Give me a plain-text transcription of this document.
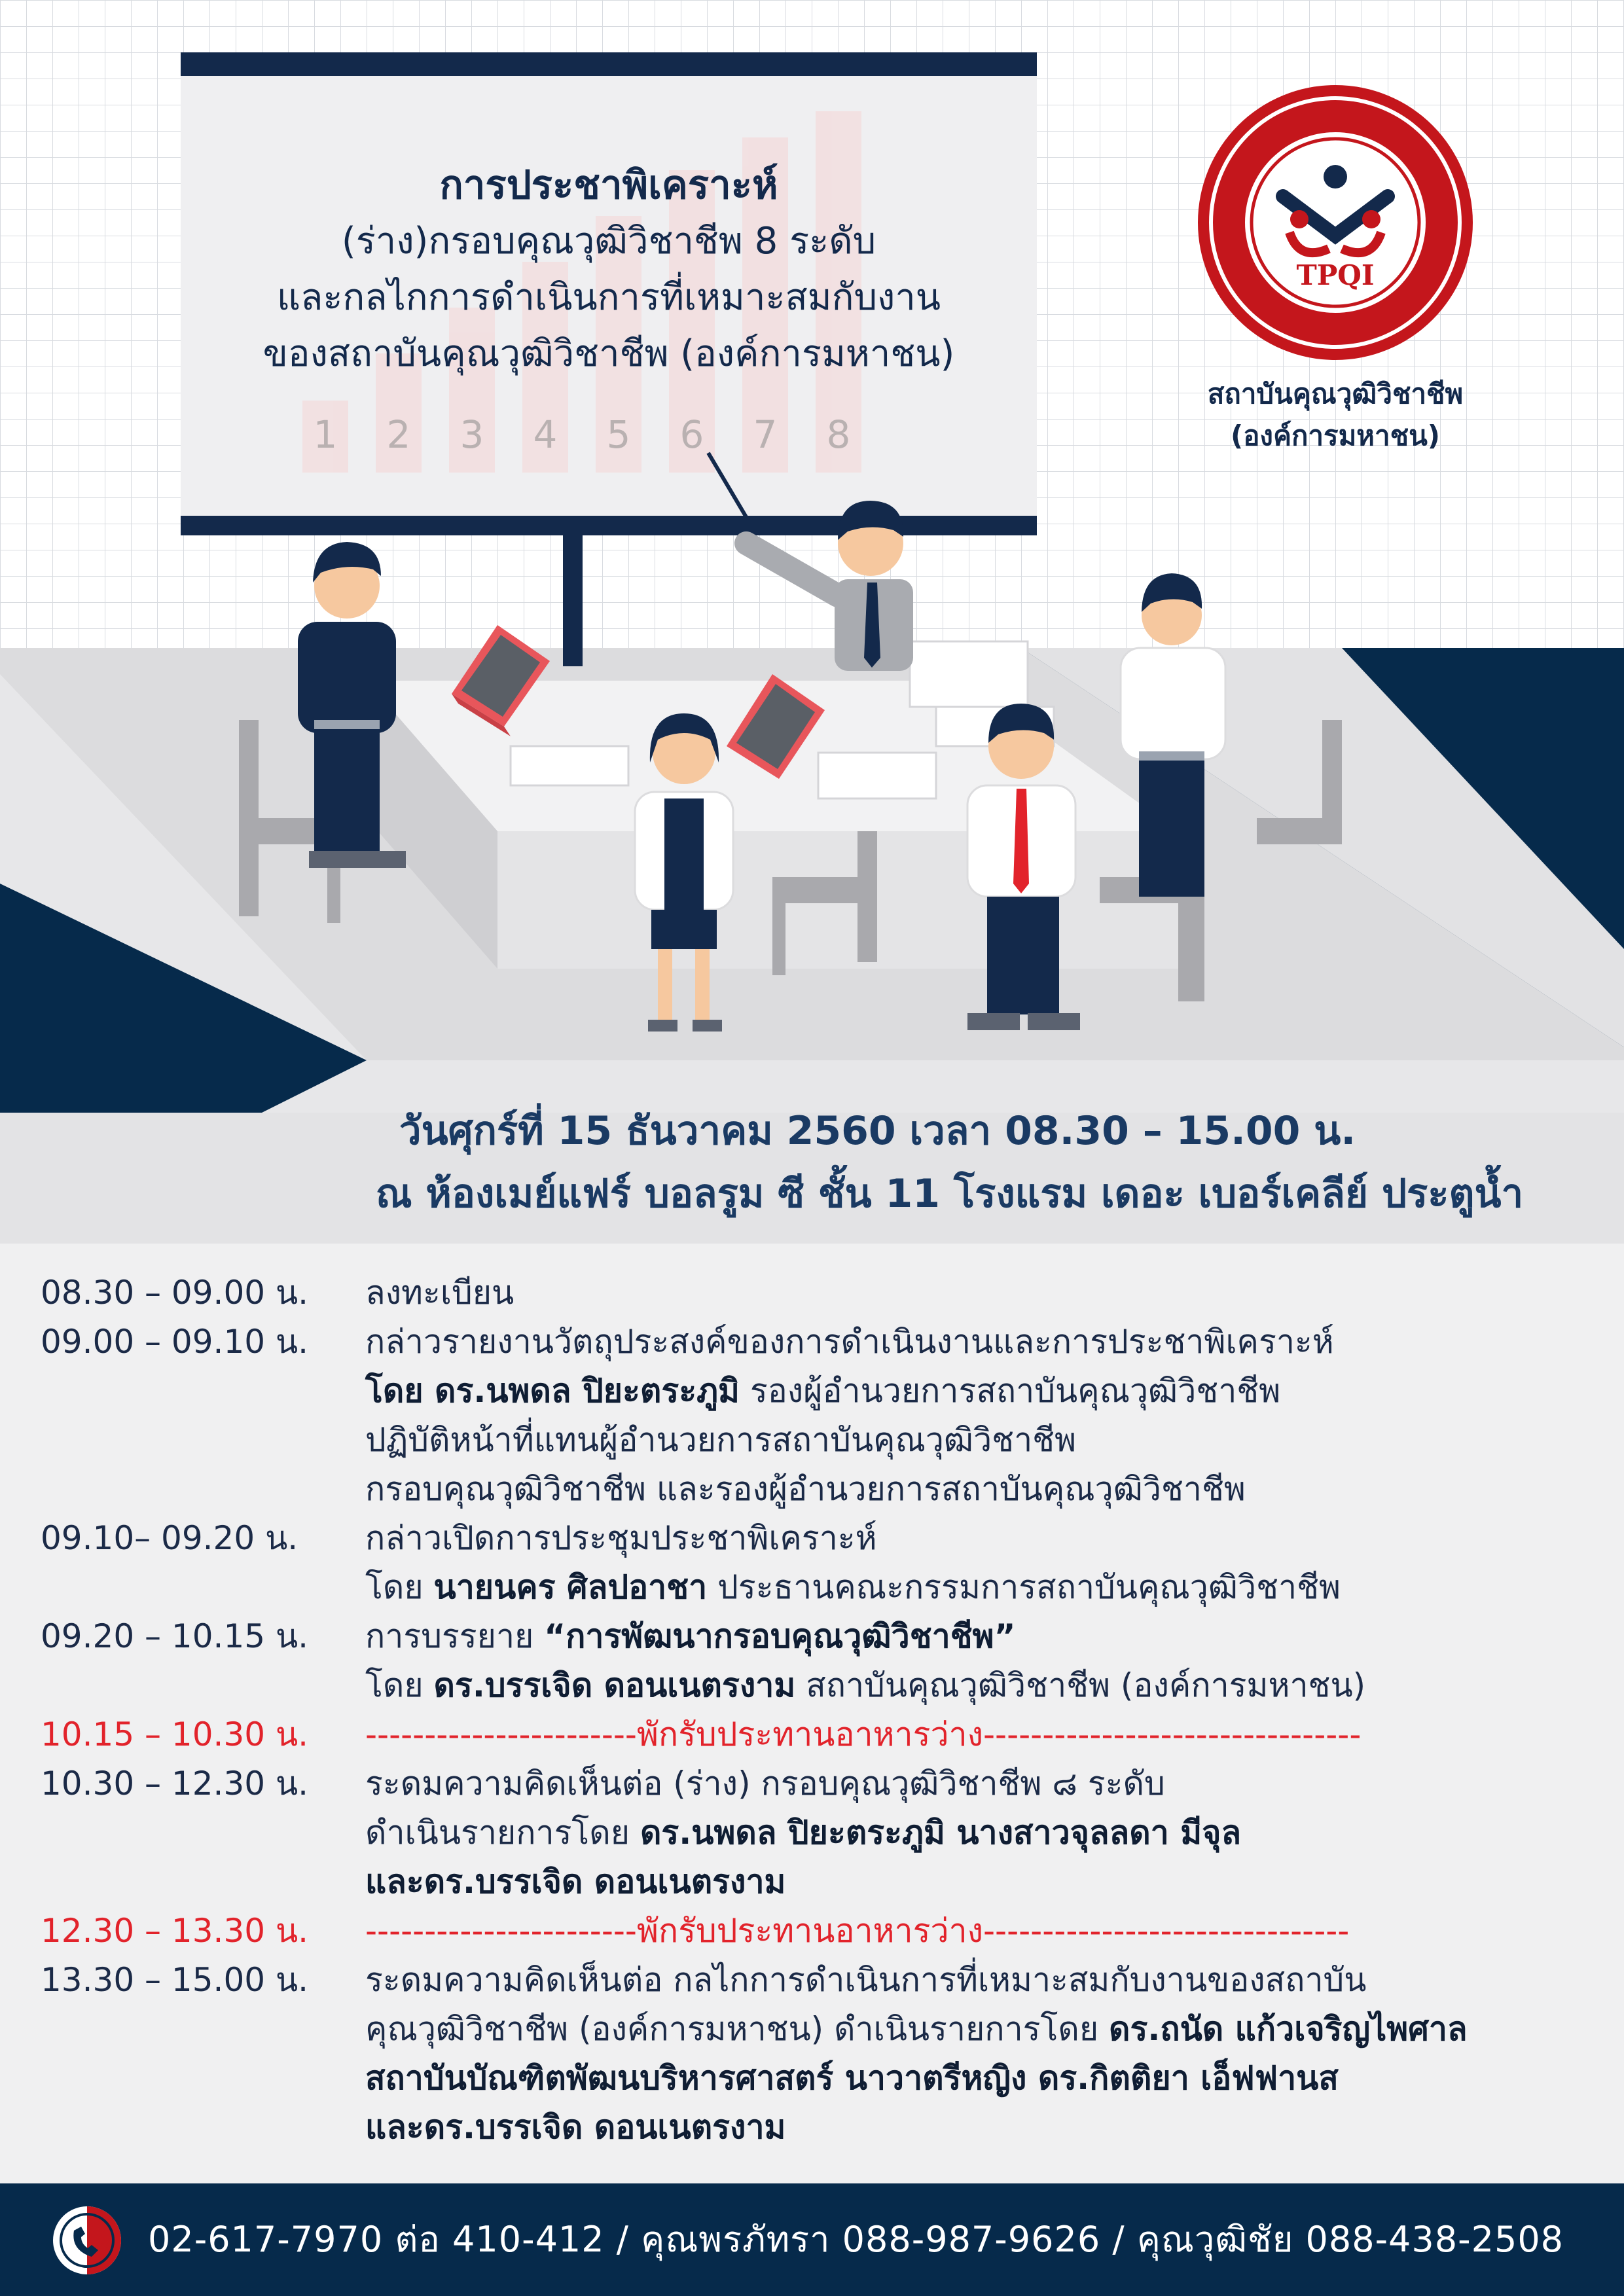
TPQI
สถาบันคุณวุฒิวิชาชีพ
(องค์การมหาชน)
การประชาพิเคราะห์
(ร่าง)กรอบคุณวุฒิวิชาชีพ 8 ระดับ
และกลไกการดำเนินการที่เหมาะสมกับงาน
ของสถาบันคุณวุฒิวิชาชีพ (องค์การมหาชน)
1	2	3	4	5	6	7	8
วันศุกร์ที่ 15 ธันวาคม 2560 เวลา 08.30 – 15.00 น.
ณ ห้องเมย์แฟร์ บอลรูม ซี ชั้น 11 โรงแรม เดอะ เบอร์เคลีย์ ประตูน้ำ
08.30 – 09.00 น.	ลงทะเบียน
09.00 – 09.10 น.	กล่าวรายงานวัตถุประสงค์ของการดำเนินงานและการประชาพิเคราะห์
โดย ดร.นพดล ปิยะตระภูมิ รองผู้อำนวยการสถาบันคุณวุฒิวิชาชีพ
ปฏิบัติหน้าที่แทนผู้อำนวยการสถาบันคุณวุฒิวิชาชีพ
กรอบคุณวุฒิวิชาชีพ และรองผู้อำนวยการสถาบันคุณวุฒิวิชาชีพ
09.10– 09.20 น.	กล่าวเปิดการประชุมประชาพิเคราะห์
โดย นายนคร ศิลปอาชา ประธานคณะกรรมการสถาบันคุณวุฒิวิชาชีพ
09.20 – 10.15 น.	การบรรยาย “การพัฒนากรอบคุณวุฒิวิชาชีพ”
โดย ดร.บรรเจิด ดอนเนตรงาม สถาบันคุณวุฒิวิชาชีพ (องค์การมหาชน)
10.15 – 10.30 น.	-----------------------พักรับประทานอาหารว่าง--------------------------------
10.30 – 12.30 น.	ระดมความคิดเห็นต่อ (ร่าง) กรอบคุณวุฒิวิชาชีพ ๘ ระดับ
ดำเนินรายการโดย ดร.นพดล ปิยะตระภูมิ นางสาวจุลลดา มีจุล
และดร.บรรเจิด ดอนเนตรงาม
12.30 – 13.30 น.	-----------------------พักรับประทานอาหารว่าง-------------------------------
13.30 – 15.00 น.	ระดมความคิดเห็นต่อ กลไกการดำเนินการที่เหมาะสมกับงานของสถาบัน
คุณวุฒิวิชาชีพ (องค์การมหาชน) ดำเนินรายการโดย ดร.ถนัด แก้วเจริญไพศาล
สถาบันบัณฑิตพัฒนบริหารศาสตร์ นาวาตรีหญิง ดร.กิตติยา เอ็ฟฟานส
และดร.บรรเจิด ดอนเนตรงาม
02-617-7970 ต่อ 410-412 / คุณพรภัทรา 088-987-9626 / คุณวุฒิชัย 088-438-2508
